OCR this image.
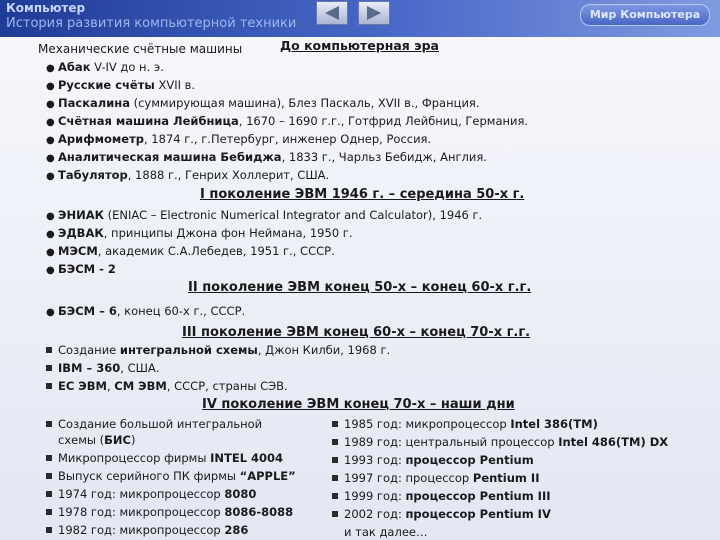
Компьютер
История развития компьютерной техники
Мир Компьютера
Механические счётные машины	До компьютерная эра
● Абак V-IV до н. э.
● Русские счёты XVII в.
● Паскалина (суммирующая машина), Блез Паскаль, XVII в., Франция.
● Счётная машина Лейбница, 1670 – 1690 г.г., Готфрид Лейбниц, Германия.
● Арифмометр, 1874 г., г.Петербург, инженер Однер, Россия.
● Аналитическая машина Бебиджа, 1833 г., Чарльз Бебидж, Англия.
● Табулятор, 1888 г., Генрих Холлерит, США.
I поколение ЭВМ 1946 г. – середина 50-х г.
● ЭНИАК (ENIAC – Electronic Numerical Integrator and Calculator), 1946 г.
● ЭДВАК, принципы Джона фон Неймана, 1950 г.
● МЭСМ, академик С.А.Лебедев, 1951 г., СССР.
● БЭСМ - 2
II поколение ЭВМ конец 50-х – конец 60-х г.г.
● БЭСМ – 6, конец 60-х г., СССР.
III поколение ЭВМ конец 60-х – конец 70-х г.г.
Создание интегральной схемы, Джон Килби, 1968 г.
IBM – 360, США.
ЕС ЭВМ, СМ ЭВМ, СССР, страны СЭВ.
IV поколение ЭВМ конец 70-х – наши дни
Создание большой интегральной
схемы (БИС)
Микропроцессор фирмы INTEL 4004
Выпуск серийного ПК фирмы “APPLE”
1974 год: микропроцессор 8080
1978 год: микропроцессор 8086-8088
1982 год: микропроцессор 286
1985 год: микропроцессор Intel 386(TM)
1989 год: центральный процессор Intel 486(TM) DX
1993 год: процессор Pentium
1997 год: процессор Pentium II
1999 год: процессор Pentium III
2002 год: процессор Pentium IV
и так далее…
